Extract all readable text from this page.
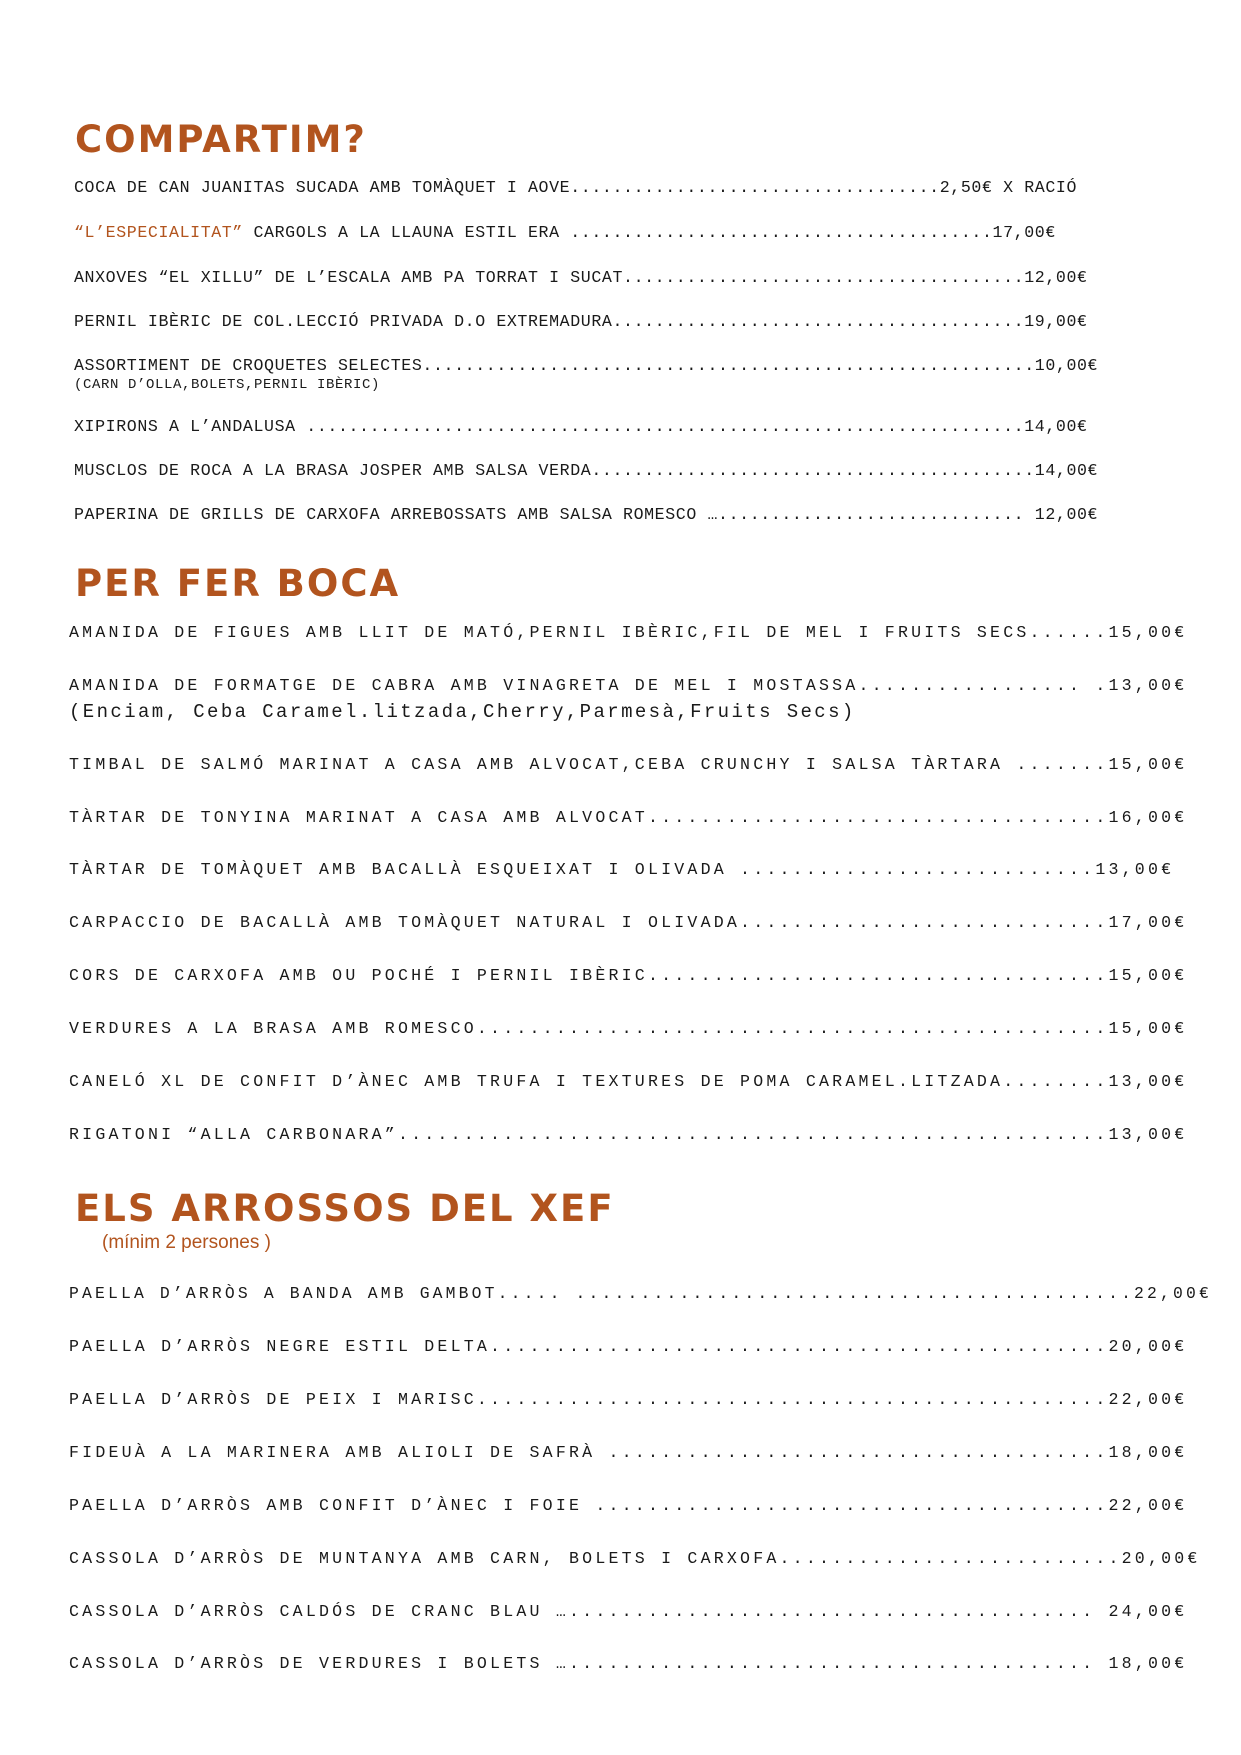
COMPARTIM?
COCA DE CAN JUANITAS SUCADA AMB TOMÀQUET I AOVE...................................2,50€ X RACIÓ
“L’ESPECIALITAT” CARGOLS A LA LLAUNA ESTIL ERA ........................................17,00€
ANXOVES “EL XILLU” DE L’ESCALA AMB PA TORRAT I SUCAT......................................12,00€
PERNIL IBÈRIC DE COL.LECCIÓ PRIVADA D.O EXTREMADURA.......................................19,00€
ASSORTIMENT DE CROQUETES SELECTES..........................................................10,00€
(CARN D’OLLA,BOLETS,PERNIL IBÈRIC)
XIPIRONS A L’ANDALUSA ....................................................................14,00€
MUSCLOS DE ROCA A LA BRASA JOSPER AMB SALSA VERDA..........................................14,00€
PAPERINA DE GRILLS DE CARXOFA ARREBOSSATS AMB SALSA ROMESCO …............................. 12,00€
PER FER BOCA
AMANIDA DE FIGUES AMB LLIT DE MATÓ,PERNIL IBÈRIC,FIL DE MEL I FRUITS SECS......15,00€
AMANIDA DE FORMATGE DE CABRA AMB VINAGRETA DE MEL I MOSTASSA................. .13,00€
(Enciam, Ceba Caramel.litzada,Cherry,Parmesà,Fruits Secs)
TIMBAL DE SALMÓ MARINAT A CASA AMB ALVOCAT,CEBA CRUNCHY I SALSA TÀRTARA .......15,00€
TÀRTAR DE TONYINA MARINAT A CASA AMB ALVOCAT...................................16,00€
TÀRTAR DE TOMÀQUET AMB BACALLÀ ESQUEIXAT I OLIVADA ...........................13,00€
CARPACCIO DE BACALLÀ AMB TOMÀQUET NATURAL I OLIVADA............................17,00€
CORS DE CARXOFA AMB OU POCHÉ I PERNIL IBÈRIC...................................15,00€
VERDURES A LA BRASA AMB ROMESCO................................................15,00€
CANELÓ XL DE CONFIT D’ÀNEC AMB TRUFA I TEXTURES DE POMA CARAMEL.LITZADA........13,00€
RIGATONI “ALLA CARBONARA”......................................................13,00€
ELS ARROSSOS DEL XEF
(mínim 2 persones )
PAELLA D’ARRÒS A BANDA AMB GAMBOT..... ...........................................22,00€
PAELLA D’ARRÒS NEGRE ESTIL DELTA...............................................20,00€
PAELLA D’ARRÒS DE PEIX I MARISC................................................22,00€
FIDEUÀ A LA MARINERA AMB ALIOLI DE SAFRÀ ......................................18,00€
PAELLA D’ARRÒS AMB CONFIT D’ÀNEC I FOIE .......................................22,00€
CASSOLA D’ARRÒS DE MUNTANYA AMB CARN, BOLETS I CARXOFA..........................20,00€
CASSOLA D’ARRÒS CALDÓS DE CRANC BLAU …........................................ 24,00€
CASSOLA D’ARRÒS DE VERDURES I BOLETS …........................................ 18,00€
